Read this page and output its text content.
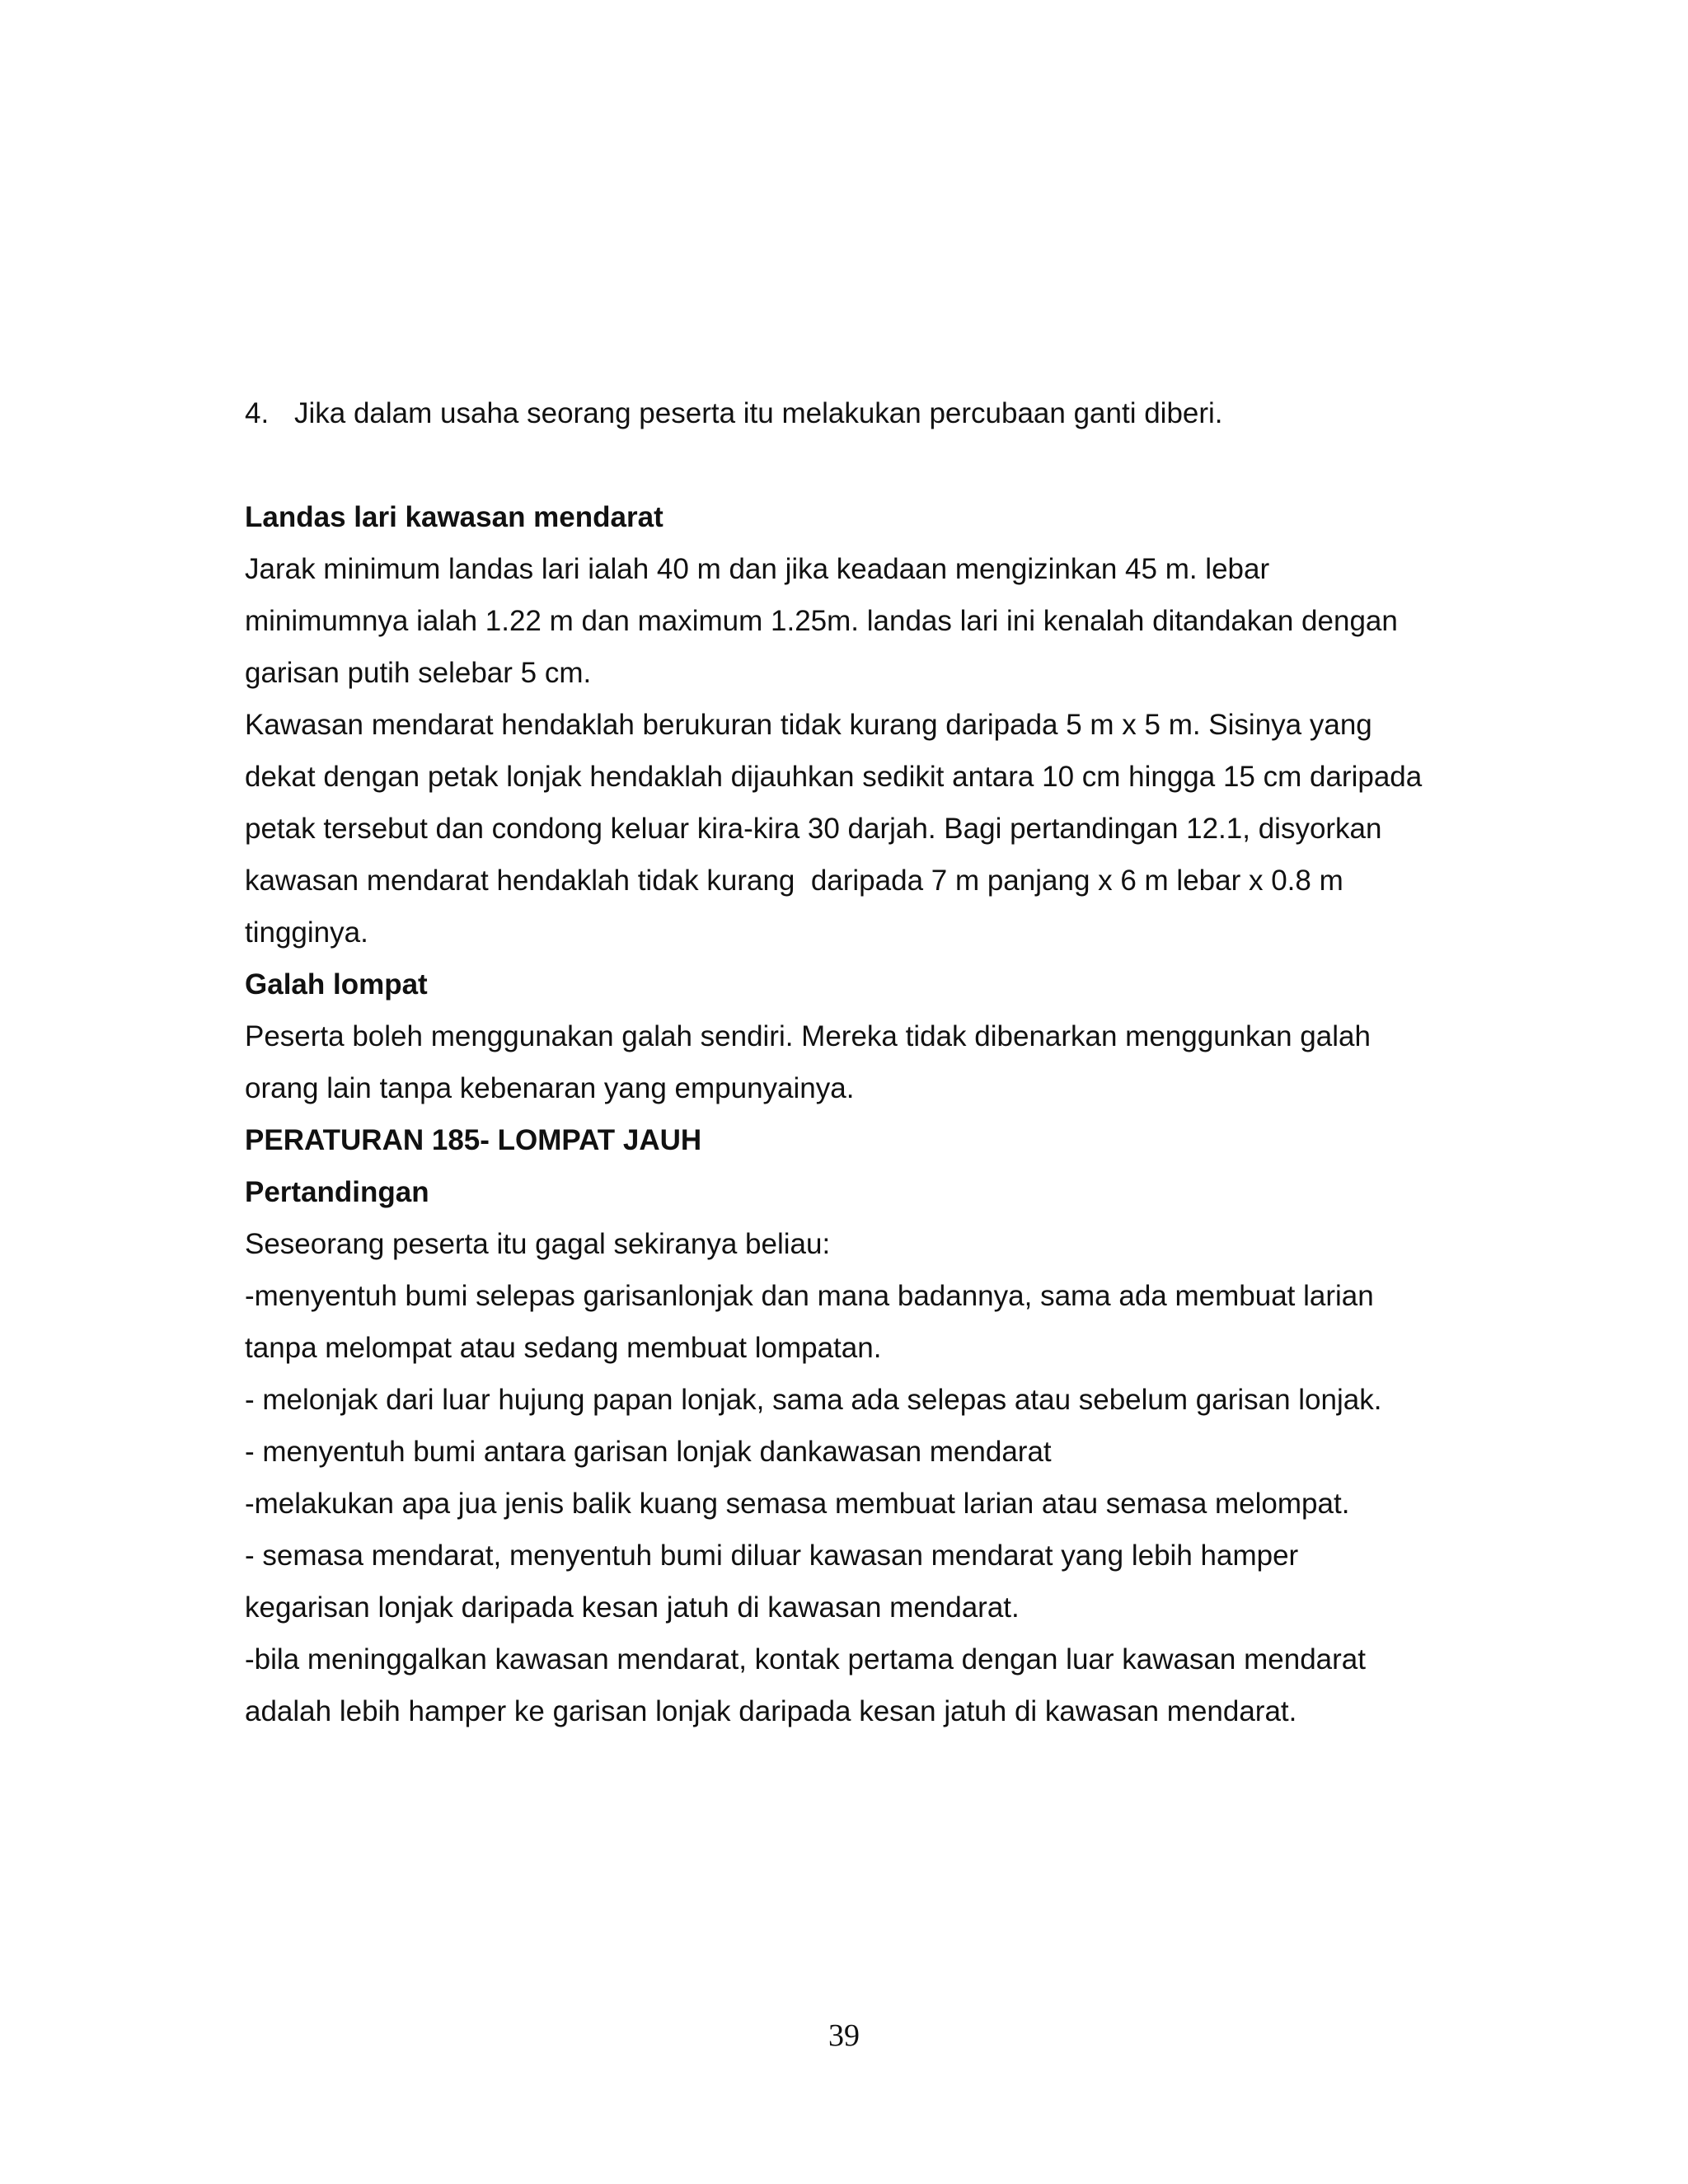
4. Jika dalam usaha seorang peserta itu melakukan percubaan ganti diberi.
Landas lari kawasan mendarat
Jarak minimum landas lari ialah 40 m dan jika keadaan mengizinkan 45 m. lebar
minimumnya ialah 1.22 m dan maximum 1.25m. landas lari ini kenalah ditandakan dengan
garisan putih selebar 5 cm.
Kawasan mendarat hendaklah berukuran tidak kurang daripada 5 m x 5 m. Sisinya yang
dekat dengan petak lonjak hendaklah dijauhkan sedikit antara 10 cm hingga 15 cm daripada
petak tersebut dan condong keluar kira-kira 30 darjah. Bagi pertandingan 12.1, disyorkan
kawasan mendarat hendaklah tidak kurang  daripada 7 m panjang x 6 m lebar x 0.8 m
tingginya.
Galah lompat
Peserta boleh menggunakan galah sendiri. Mereka tidak dibenarkan menggunkan galah
orang lain tanpa kebenaran yang empunyainya.
PERATURAN 185- LOMPAT JAUH
Pertandingan
Seseorang peserta itu gagal sekiranya beliau:
-menyentuh bumi selepas garisanlonjak dan mana badannya, sama ada membuat larian
tanpa melompat atau sedang membuat lompatan.
- melonjak dari luar hujung papan lonjak, sama ada selepas atau sebelum garisan lonjak.
- menyentuh bumi antara garisan lonjak dankawasan mendarat
-melakukan apa jua jenis balik kuang semasa membuat larian atau semasa melompat.
- semasa mendarat, menyentuh bumi diluar kawasan mendarat yang lebih hamper
kegarisan lonjak daripada kesan jatuh di kawasan mendarat.
-bila meninggalkan kawasan mendarat, kontak pertama dengan luar kawasan mendarat
adalah lebih hamper ke garisan lonjak daripada kesan jatuh di kawasan mendarat.
39
